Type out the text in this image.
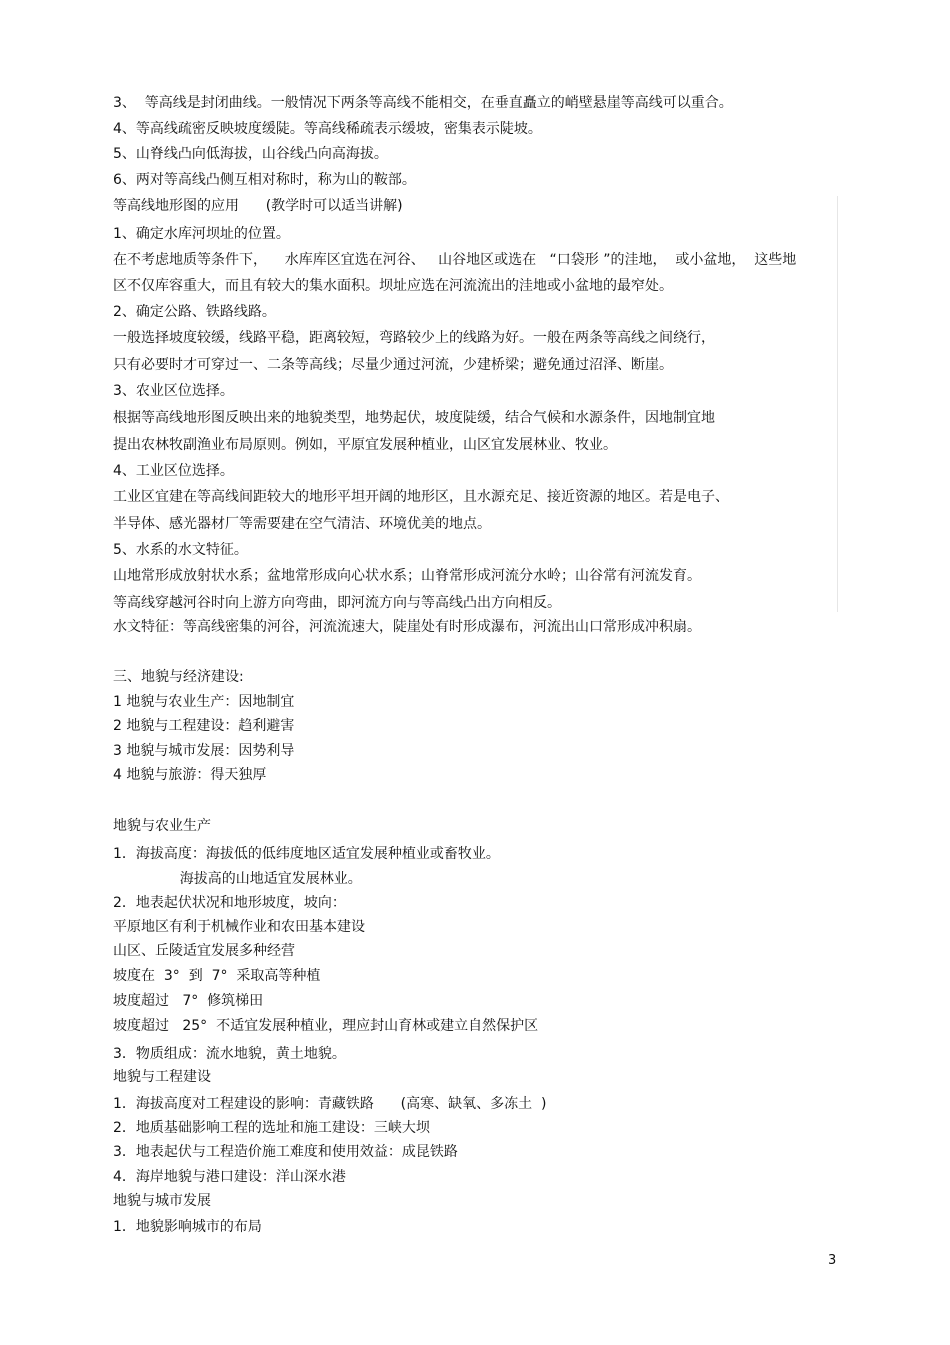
3、  等高线是封闭曲线。一般情况下两条等高线不能相交，在垂直矗立的峭壁悬崖等高线可以重合。
4、等高线疏密反映坡度缓陡。等高线稀疏表示缓坡，密集表示陡坡。
5、山脊线凸向低海拔，山谷线凸向高海拔。
6、两对等高线凸侧互相对称时，称为山的鞍部。
等高线地形图的应用      (教学时可以适当讲解)
1、确定水库河坝址的位置。
在不考虑地质等条件下，    水库库区宜选在河谷、   山谷地区或选在   “口袋形 ”的洼地，  或小盆地，  这些地
区不仅库容重大，而且有较大的集水面积。坝址应选在河流流出的洼地或小盆地的最窄处。
2、确定公路、铁路线路。
一般选择坡度较缓，线路平稳，距离较短，弯路较少上的线路为好。一般在两条等高线之间绕行，
只有必要时才可穿过一、二条等高线；尽量少通过河流，少建桥梁；避免通过沼泽、断崖。
3、农业区位选择。
根据等高线地形图反映出来的地貌类型，地势起伏，坡度陡缓，结合气候和水源条件，因地制宜地
提出农林牧副渔业布局原则。例如，平原宜发展种植业，山区宜发展林业、牧业。
4、工业区位选择。
工业区宜建在等高线间距较大的地形平坦开阔的地形区，且水源充足、接近资源的地区。若是电子、
半导体、感光器材厂等需要建在空气清洁、环境优美的地点。
5、水系的水文特征。
山地常形成放射状水系；盆地常形成向心状水系；山脊常形成河流分水岭；山谷常有河流发育。
等高线穿越河谷时向上游方向弯曲，即河流方向与等高线凸出方向相反。
水文特征：等高线密集的河谷，河流流速大，陡崖处有时形成瀑布，河流出山口常形成冲积扇。
三、地貌与经济建设:
1 地貌与农业生产：因地制宜
2 地貌与工程建设：趋利避害
3 地貌与城市发展：因势利导
4 地貌与旅游：得天独厚
地貌与农业生产
1．海拔高度：海拔低的低纬度地区适宜发展种植业或畜牧业。
海拔高的山地适宜发展林业。
2．地表起伏状况和地形坡度，坡向：
平原地区有利于机械作业和农田基本建设
山区、丘陵适宜发展多种经营
坡度在  3°  到  7°  采取高等种植
坡度超过   7°  修筑梯田
坡度超过   25°  不适宜发展种植业，理应封山育林或建立自然保护区
3．物质组成：流水地貌，黄土地貌。
地貌与工程建设
1．海拔高度对工程建设的影响：青藏铁路      (高寒、缺氧、多冻土  )
2．地质基础影响工程的选址和施工建设：三峡大坝
3．地表起伏与工程造价施工难度和使用效益：成昆铁路
4．海岸地貌与港口建设：洋山深水港
地貌与城市发展
1．地貌影响城市的布局
3
